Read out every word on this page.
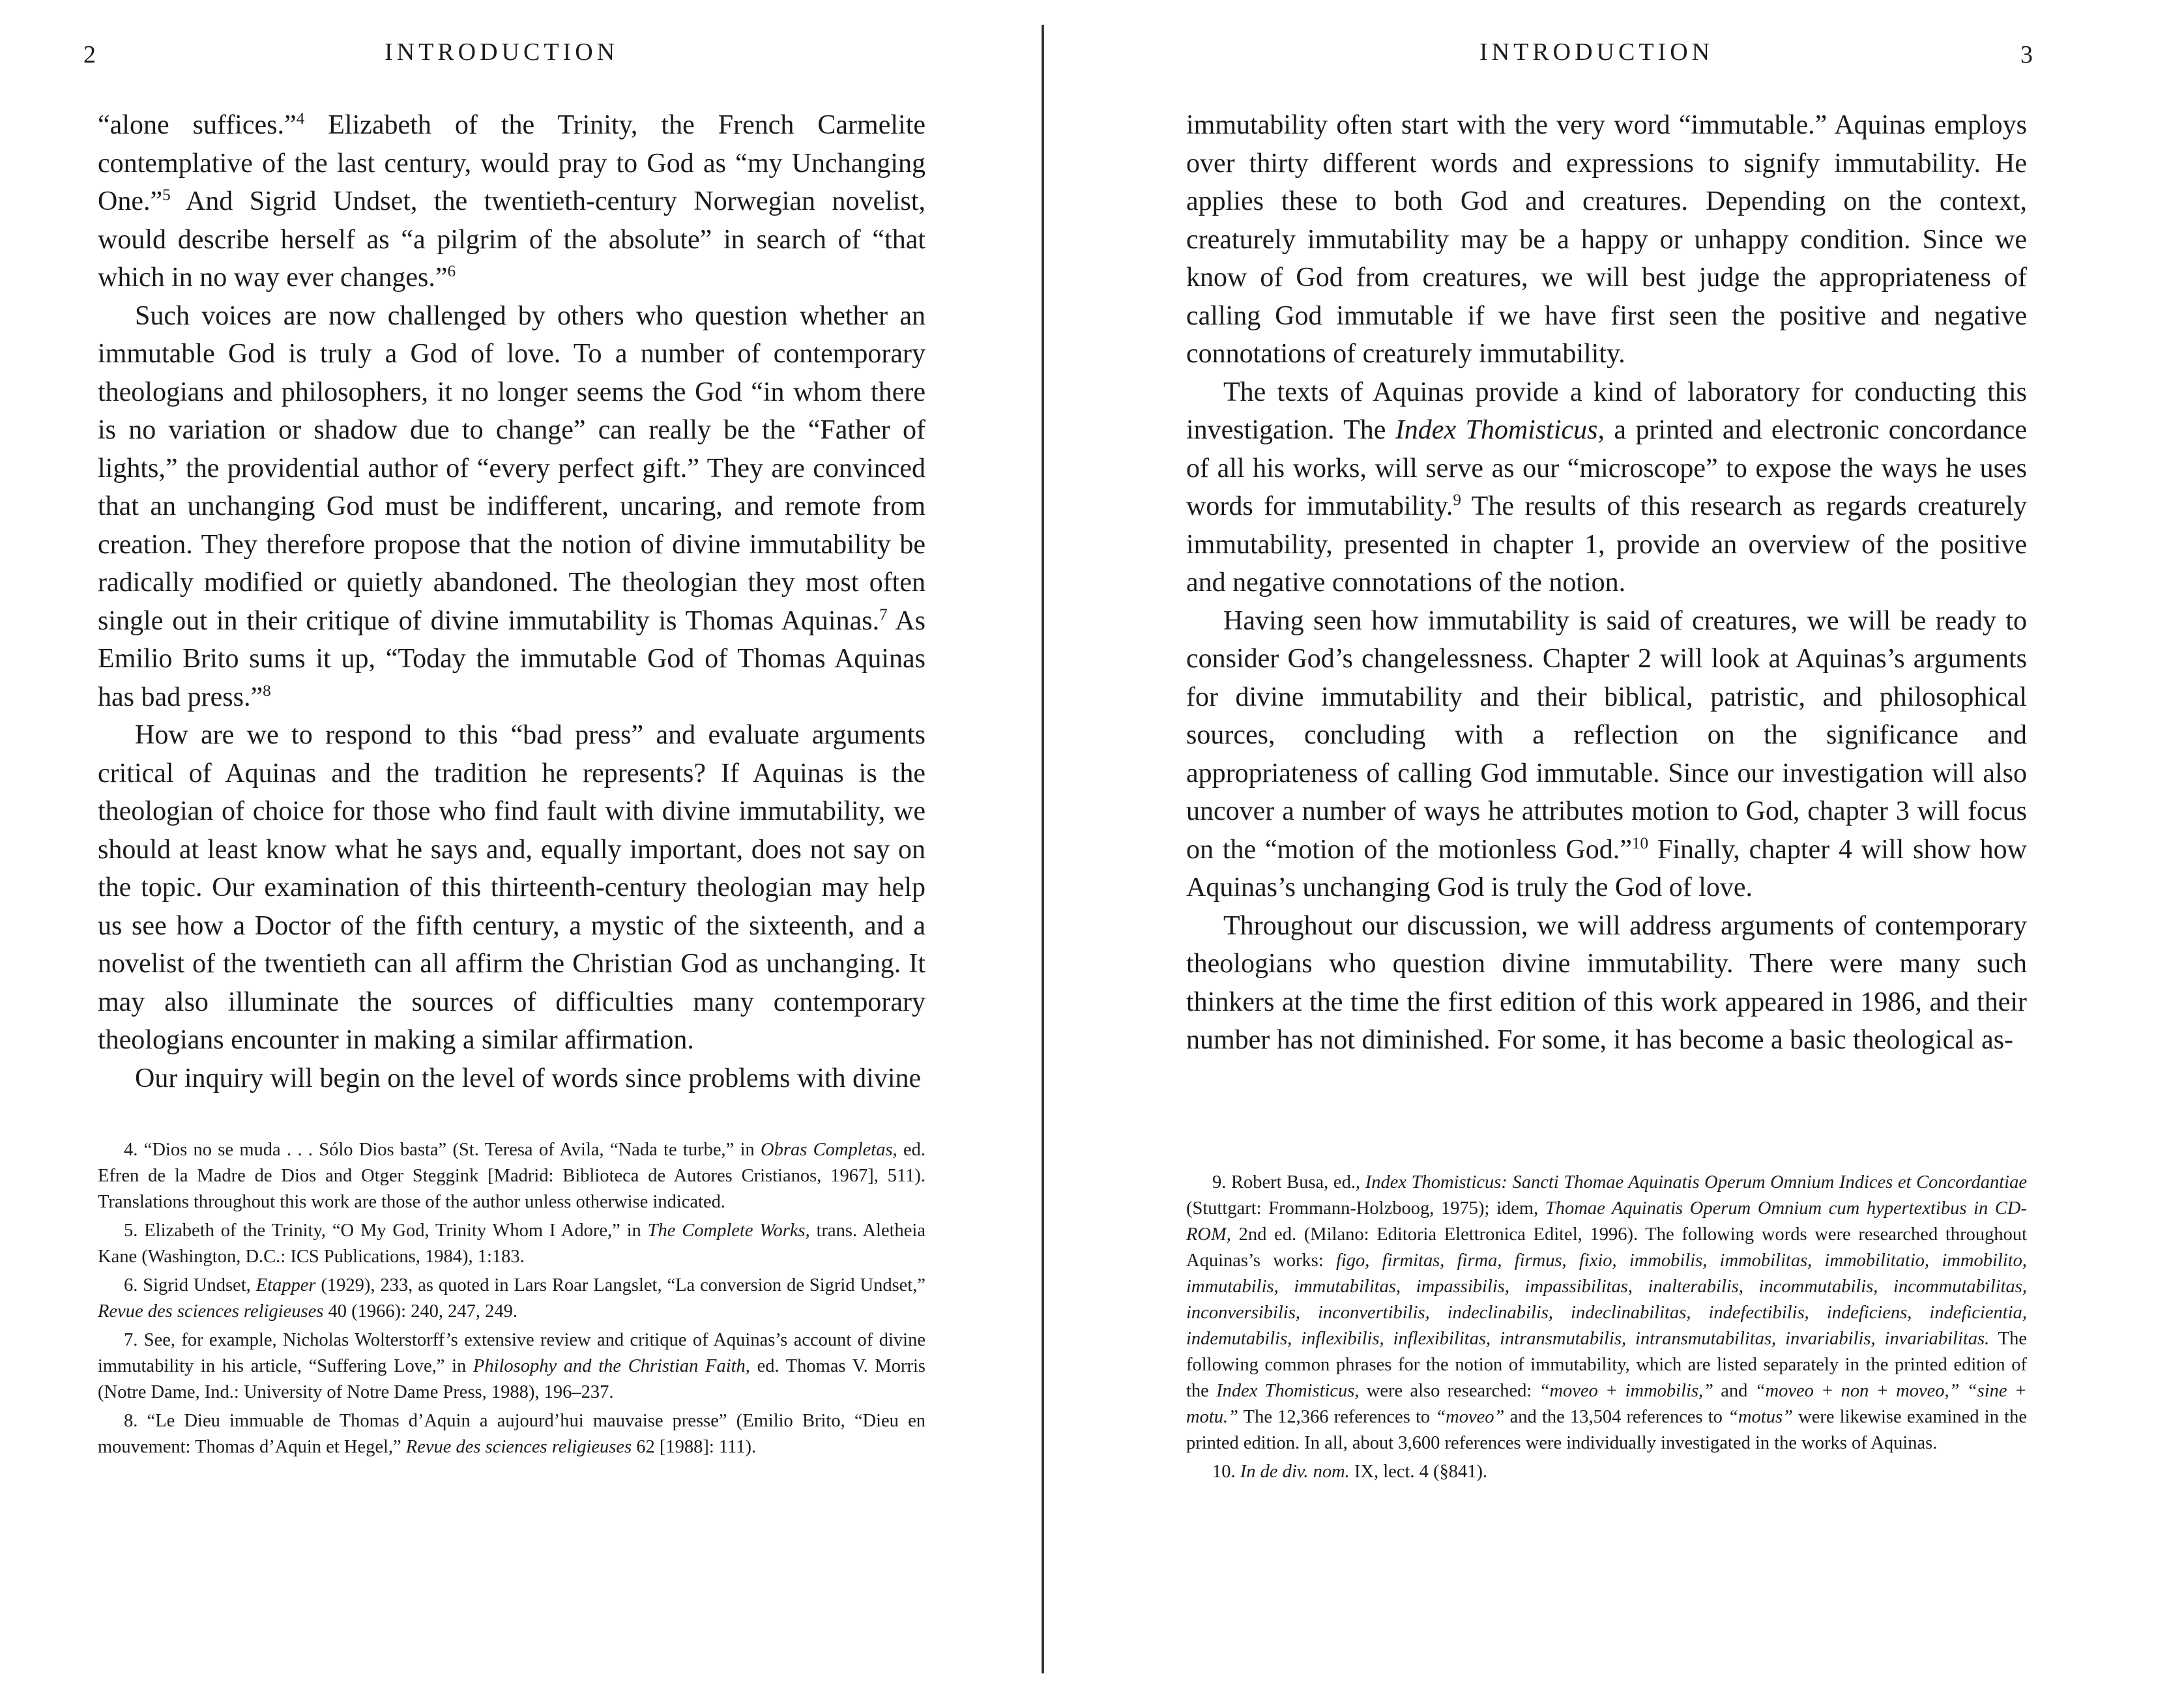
2	INTRODUCTION

“alone suffices.”$^4$ Elizabeth of the Trinity, the French Carmelite contemplative of the last century, would pray to God as “my Unchanging One.”$^5$ And Sigrid Undset, the twentieth-century Norwegian novelist, would describe herself as “a pilgrim of the absolute” in search of “that which in no way ever changes.”$^6$

Such voices are now challenged by others who question whether an immutable God is truly a God of love. To a number of contemporary theologians and philosophers, it no longer seems the God “in whom there is no variation or shadow due to change” can really be the “Father of lights,” the providential author of “every perfect gift.” They are convinced that an unchanging God must be indifferent, uncaring, and remote from creation. They therefore propose that the notion of divine immutability be radically modified or quietly abandoned. The theologian they most often single out in their critique of divine immutability is Thomas Aquinas.$^7$ As Emilio Brito sums it up, “Today the immutable God of Thomas Aquinas has bad press.”$^8$

How are we to respond to this “bad press” and evaluate arguments critical of Aquinas and the tradition he represents? If Aquinas is the theologian of choice for those who find fault with divine immutability, we should at least know what he says and, equally important, does not say on the topic. Our examination of this thirteenth-century theologian may help us see how a Doctor of the fifth century, a mystic of the sixteenth, and a novelist of the twentieth can all affirm the Christian God as unchanging. It may also illuminate the sources of difficulties many contemporary theologians encounter in making a similar affirmation.

Our inquiry will begin on the level of words since problems with divine

4. “Dios no se muda . . . Sólo Dios basta” (St. Teresa of Avila, “Nada te turbe,” in Obras Completas, ed. Efren de la Madre de Dios and Otger Steggink [Madrid: Biblioteca de Autores Cristianos, 1967], 511). Translations throughout this work are those of the author unless otherwise indicated.

5. Elizabeth of the Trinity, “O My God, Trinity Whom I Adore,” in The Complete Works, trans. Aletheia Kane (Washington, D.C.: ICS Publications, 1984), 1:183.

6. Sigrid Undset, Etapper (1929), 233, as quoted in Lars Roar Langslet, “La conversion de Sigrid Undset,” Revue des sciences religieuses 40 (1966): 240, 247, 249.

7. See, for example, Nicholas Wolterstorff’s extensive review and critique of Aquinas’s account of divine immutability in his article, “Suffering Love,” in Philosophy and the Christian Faith, ed. Thomas V. Morris (Notre Dame, Ind.: University of Notre Dame Press, 1988), 196–237.

8. “Le Dieu immuable de Thomas d’Aquin a aujourd’hui mauvaise presse” (Emilio Brito, “Dieu en mouvement: Thomas d’Aquin et Hegel,” Revue des sciences religieuses 62 [1988]: 111).

INTRODUCTION	3

immutability often start with the very word “immutable.” Aquinas employs over thirty different words and expressions to signify immutability. He applies these to both God and creatures. Depending on the context, creaturely immutability may be a happy or unhappy condition. Since we know of God from creatures, we will best judge the appropriateness of calling God immutable if we have first seen the positive and negative connotations of creaturely immutability.

The texts of Aquinas provide a kind of laboratory for conducting this investigation. The Index Thomisticus, a printed and electronic concordance of all his works, will serve as our “microscope” to expose the ways he uses words for immutability.$^9$ The results of this research as regards creaturely immutability, presented in chapter 1, provide an overview of the positive and negative connotations of the notion.

Having seen how immutability is said of creatures, we will be ready to consider God’s changelessness. Chapter 2 will look at Aquinas’s arguments for divine immutability and their biblical, patristic, and philosophical sources, concluding with a reflection on the significance and appropriateness of calling God immutable. Since our investigation will also uncover a number of ways he attributes motion to God, chapter 3 will focus on the “motion of the motionless God.”$^{10}$ Finally, chapter 4 will show how Aquinas’s unchanging God is truly the God of love.

Throughout our discussion, we will address arguments of contemporary theologians who question divine immutability. There were many such thinkers at the time the first edition of this work appeared in 1986, and their number has not diminished. For some, it has become a basic theological as-

9. Robert Busa, ed., Index Thomisticus: Sancti Thomae Aquinatis Operum Omnium Indices et Concordantiae (Stuttgart: Frommann-Holzboog, 1975); idem, Thomae Aquinatis Operum Omnium cum hypertextibus in CD-ROM, 2nd ed. (Milano: Editoria Elettronica Editel, 1996). The following words were researched throughout Aquinas’s works: figo, firmitas, firma, firmus, fixio, immobilis, immobilitas, immobilitatio, immobilito, immutabilis, immutabilitas, impassibilis, impassibilitas, inalterabilis, incommutabilis, incommutabilitas, inconversibilis, inconvertibilis, indeclinabilis, indeclinabilitas, indefectibilis, indeficiens, indeficientia, indemutabilis, inflexibilis, inflexibilitas, intransmutabilis, intransmutabilitas, invariabilis, invariabilitas. The following common phrases for the notion of immutability, which are listed separately in the printed edition of the Index Thomisticus, were also researched: “moveo + immobilis,” and “moveo + non + moveo,” “sine + motu.” The 12,366 references to “moveo” and the 13,504 references to “motus” were likewise examined in the printed edition. In all, about 3,600 references were individually investigated in the works of Aquinas.

10. In de div. nom. IX, lect. 4 (§841).
